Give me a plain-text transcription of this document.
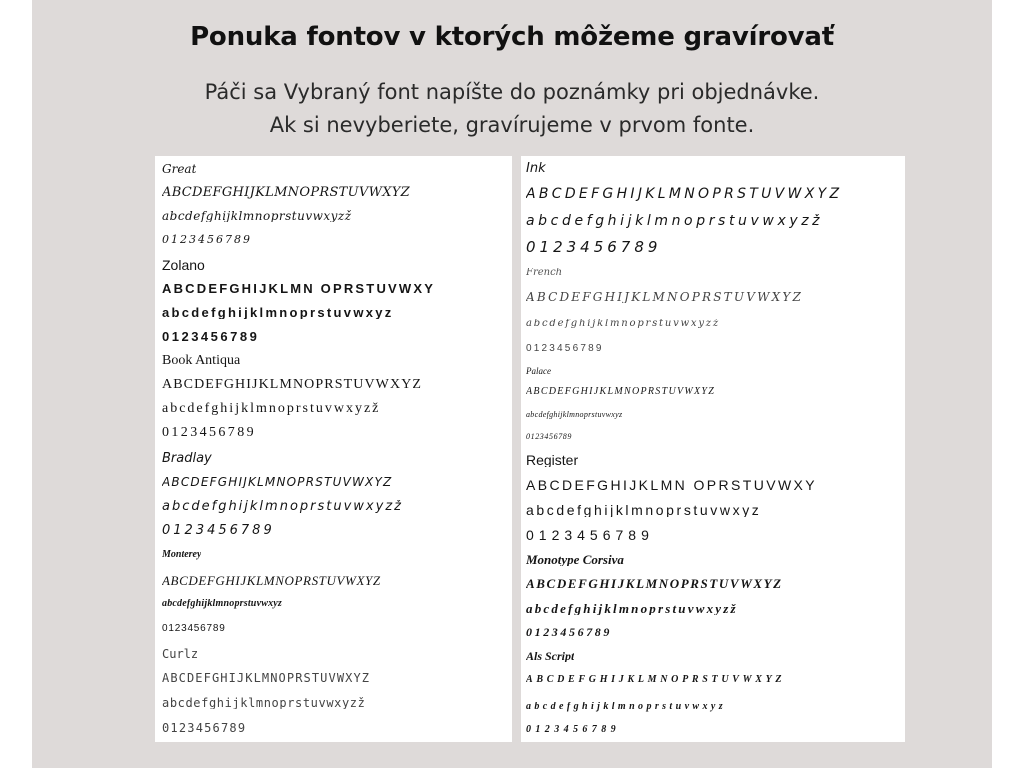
Ponuka fontov v ktorých môžeme gravírovať
Páči sa Vybraný font napíšte do poznámky pri objednávke.
Ak si nevyberiete, gravírujeme v prvom fonte.
Great
ABCDEFGHIJKLMNOPRSTUVWXYZ
abcdefghijklmnoprstuvwxyzž
0123456789
Zolano
ABCDEFGHIJKLMN OPRSTUVWXY
abcdefghijklmnoprstuvwxyz
0123456789
Book Antiqua
ABCDEFGHIJKLMNOPRSTUVWXYZ
abcdefghijklmnoprstuvwxyzž
0123456789
Bradlay
ABCDEFGHIJKLMNOPRSTUVWXYZ
abcdefghijklmnoprstuvwxyzž
0123456789
Monterey
ABCDEFGHIJKLMNOPRSTUVWXYZ
abcdefghijklmnoprstuvwxyz
0123456789
Curlz
ABCDEFGHIJKLMNOPRSTUVWXYZ
abcdefghijklmnoprstuvwxyzž
0123456789
Ink
ABCDEFGHIJKLMNOPRSTUVWXYZ
abcdefghijklmnoprstuvwxyzž
0123456789
French
ABCDEFGHIJKLMNOPRSTUVWXYZ
abcdefghijklmnoprstuvwxyzž
0123456789
Palace
ABCDEFGHIJKLMNOPRSTUVWXYZ
abcdefghijklmnoprstuvwxyz
0123456789
Register
ABCDEFGHIJKLMN OPRSTUVWXY
abcdefghijklmnoprstuvwxyz
0123456789
Monotype Corsiva
ABCDEFGHIJKLMNOPRSTUVWXYZ
abcdefghijklmnoprstuvwxyzž
0123456789
Als Script
ABCDEFGHIJKLMNOPRSTUVWXYZ
abcdefghijklmnoprstuvwxyz
0123456789
